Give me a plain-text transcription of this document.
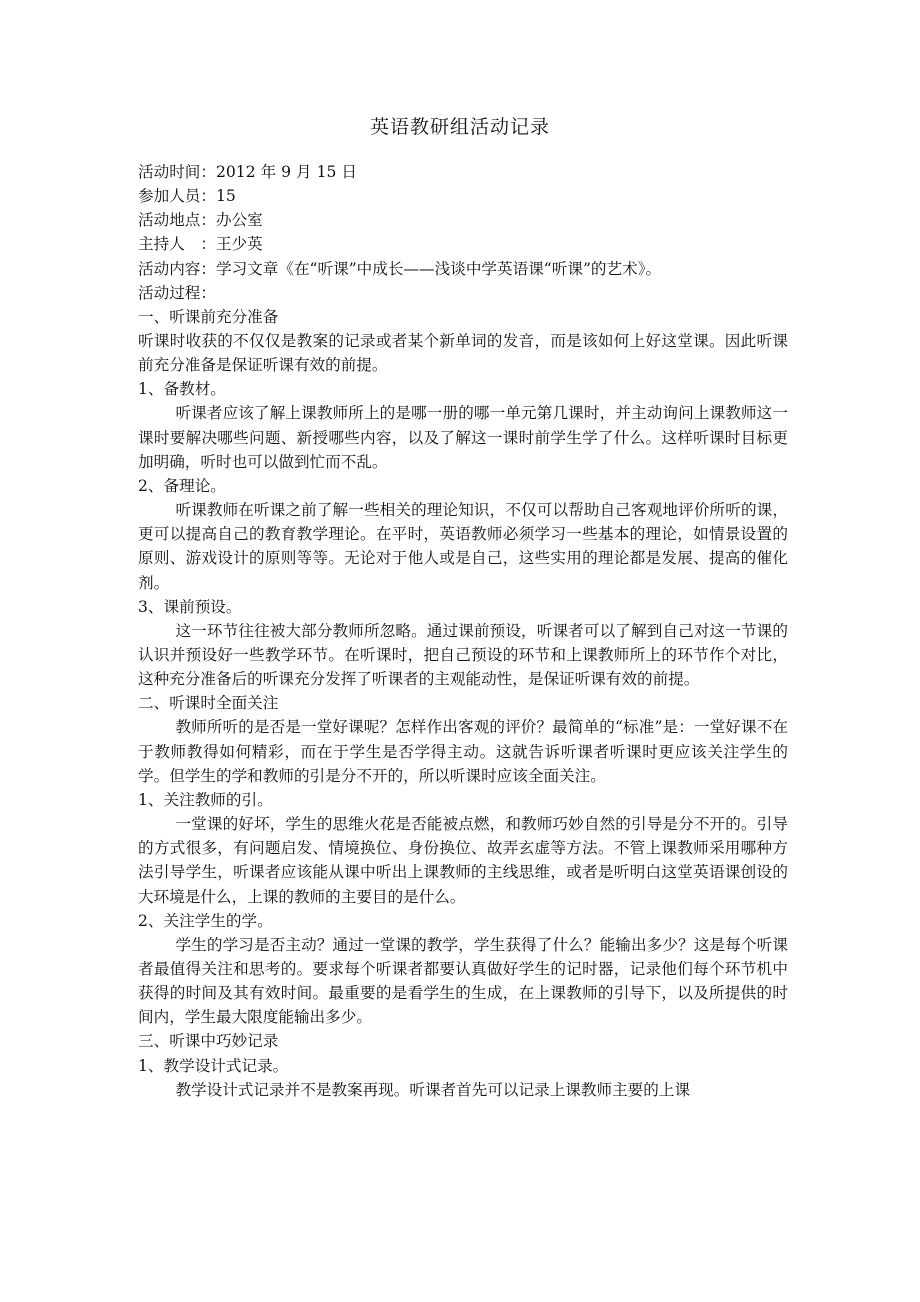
英语教研组活动记录
活动时间：2012 年 9 月 15 日
参加人员：15
活动地点：办公室
主持人　：王少英
活动内容：学习文章《在“听课”中成长——浅谈中学英语课“听课”的艺术》。
活动过程：
一、听课前充分准备

听课时收获的不仅仅是教案的记录或者某个新单词的发音，而是该如何上好这堂课。因此听课前充分准备是保证听课有效的前提。

1、备教材。

听课者应该了解上课教师所上的是哪一册的哪一单元第几课时，并主动询问上课教师这一课时要解决哪些问题、新授哪些内容，以及了解这一课时前学生学了什么。这样听课时目标更加明确，听时也可以做到忙而不乱。

2、备理论。

听课教师在听课之前了解一些相关的理论知识，不仅可以帮助自己客观地评价所听的课，更可以提高自己的教育教学理论。在平时，英语教师必须学习一些基本的理论，如情景设置的原则、游戏设计的原则等等。无论对于他人或是自己，这些实用的理论都是发展、提高的催化剂。

3、课前预设。

这一环节往往被大部分教师所忽略。通过课前预设，听课者可以了解到自己对这一节课的认识并预设好一些教学环节。在听课时，把自己预设的环节和上课教师所上的环节作个对比，这种充分准备后的听课充分发挥了听课者的主观能动性，是保证听课有效的前提。

二、听课时全面关注

教师所听的是否是一堂好课呢？怎样作出客观的评价？最简单的“标准”是：一堂好课不在于教师教得如何精彩，而在于学生是否学得主动。这就告诉听课者听课时更应该关注学生的学。但学生的学和教师的引是分不开的，所以听课时应该全面关注。

1、关注教师的引。

一堂课的好坏，学生的思维火花是否能被点燃，和教师巧妙自然的引导是分不开的。引导的方式很多，有问题启发、情境换位、身份换位、故弄玄虚等方法。不管上课教师采用哪种方法引导学生，听课者应该能从课中听出上课教师的主线思维，或者是听明白这堂英语课创设的大环境是什么，上课的教师的主要目的是什么。

2、关注学生的学。

学生的学习是否主动？通过一堂课的教学，学生获得了什么？能输出多少？这是每个听课者最值得关注和思考的。要求每个听课者都要认真做好学生的记时器，记录他们每个环节机中获得的时间及其有效时间。最重要的是看学生的生成，在上课教师的引导下，以及所提供的时间内，学生最大限度能输出多少。

三、听课中巧妙记录
1、教学设计式记录。

教学设计式记录并不是教案再现。听课者首先可以记录上课教师主要的上课
